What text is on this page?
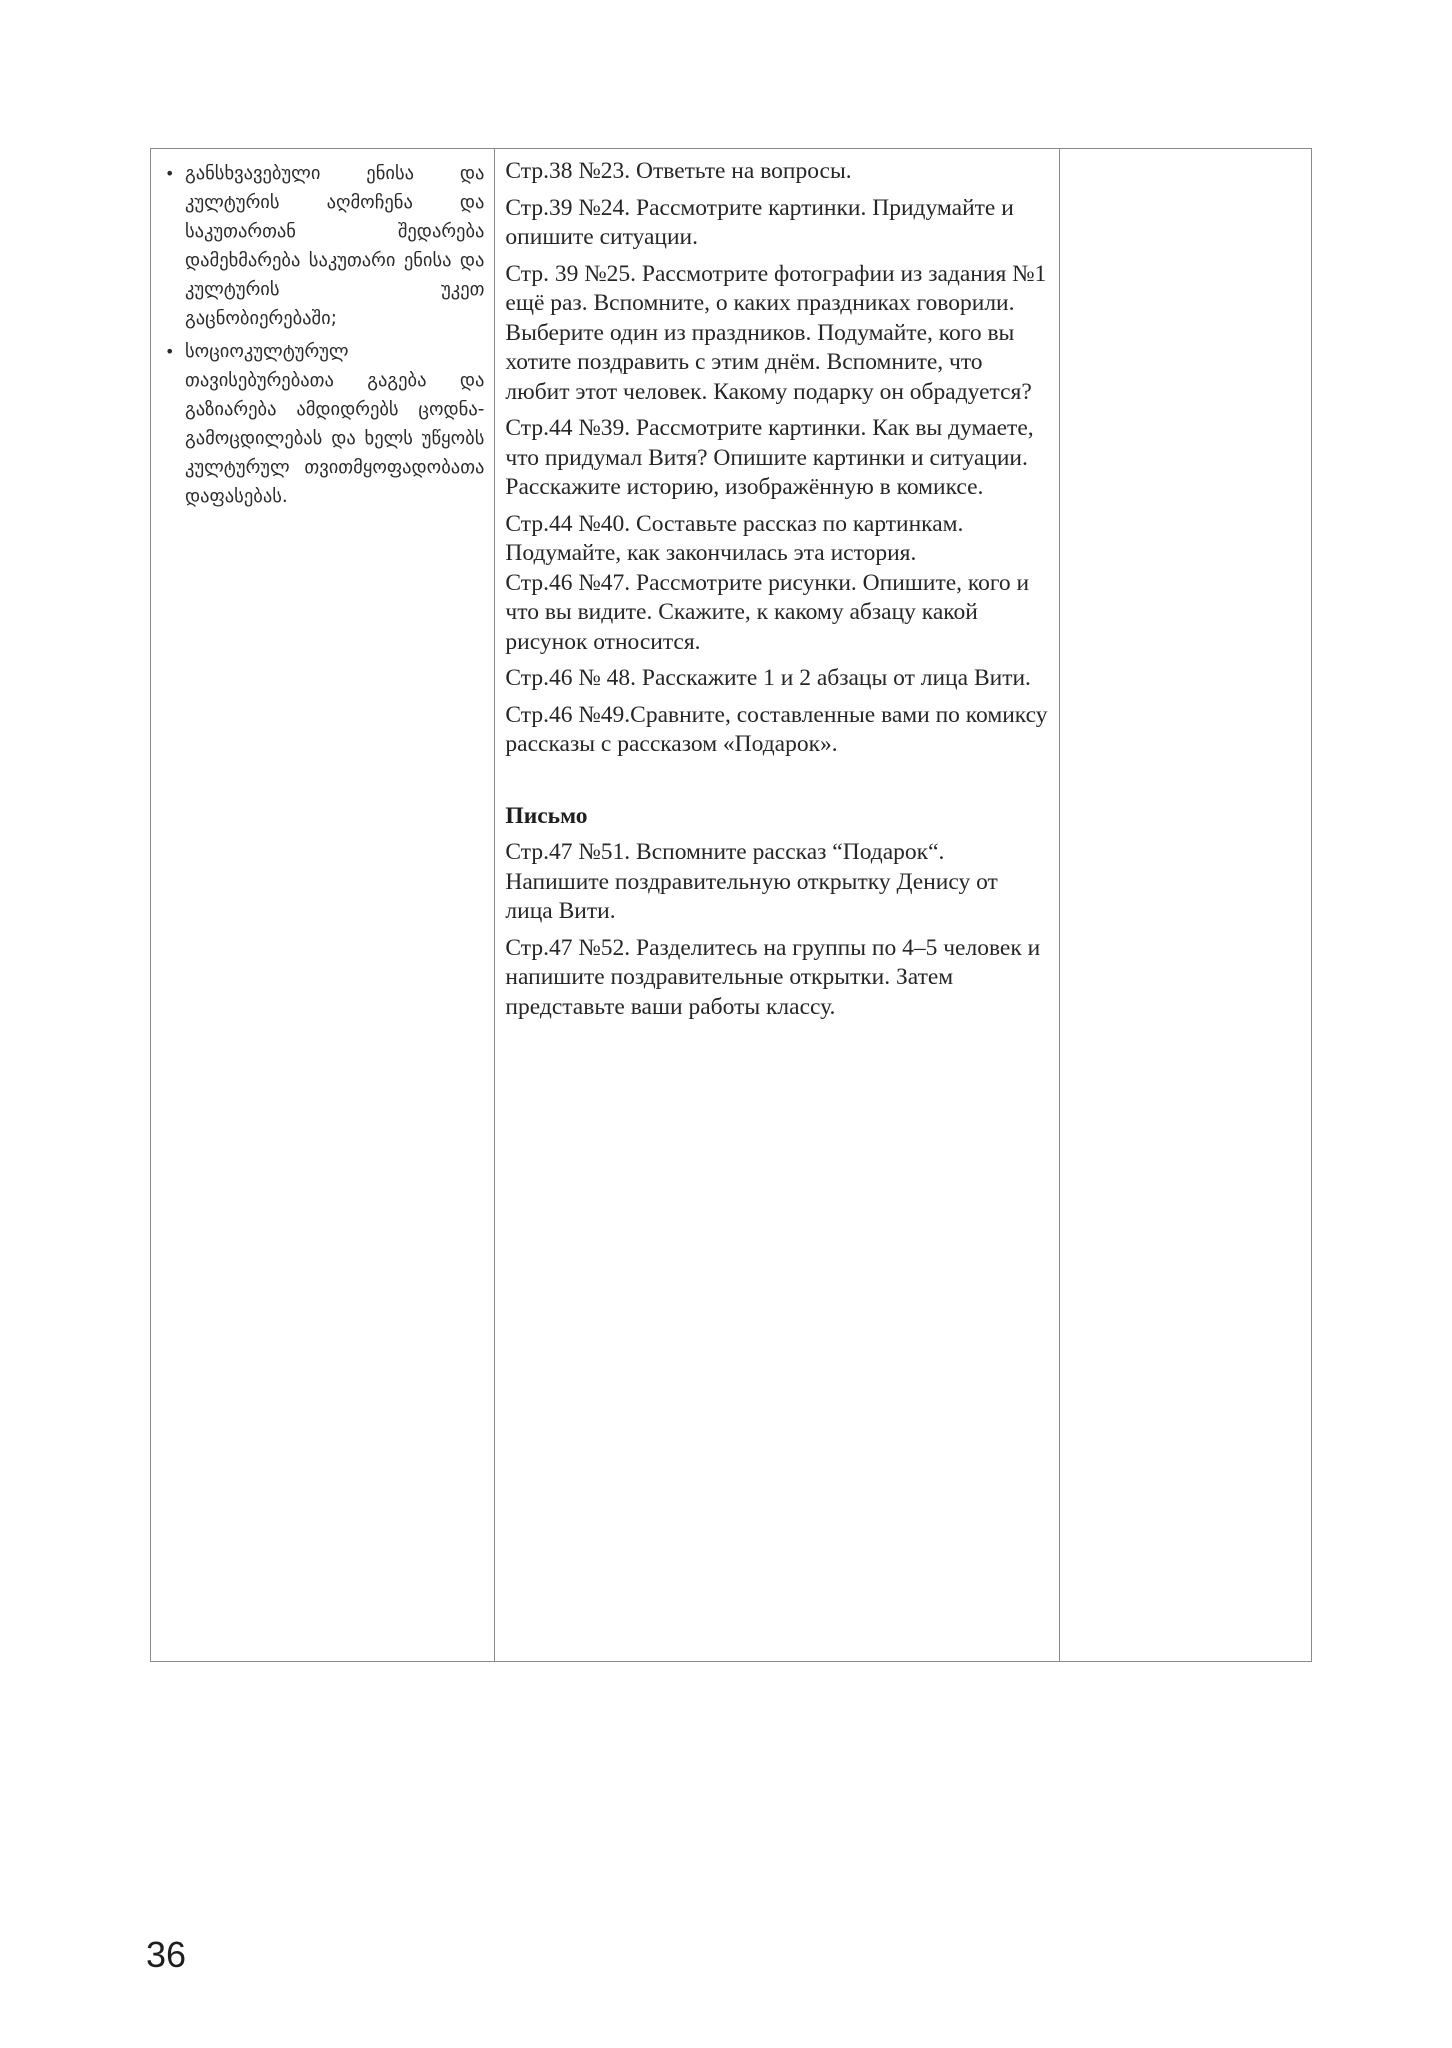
• განსხვავებული ენისა და კულტურის აღმოჩენა და საკუთართან შედარება დამეხმარება საკუთარი ენისა და კულტურის უკეთ გაცნობიერებაში;
• სოციოკულტურულ თავისებურებათა გაგება და გაზიარება ამდიდრებს ცოდნა-გამოცდილებას და ხელს უწყობს კულტურულ თვითმყოფადობათა დაფასებას.

Стр.38 №23. Ответьте на вопросы.

Стр.39 №24. Рассмотрите картинки. Придумайте и опишите ситуации.

Стр. 39 №25. Рассмотрите фотографии из задания №1 ещё раз. Вспомните, о каких праздниках говорили. Выберите один из праздников. Подумайте, кого вы хотите поздравить с этим днём. Вспомните, что любит этот человек. Какому подарку он обрадуется?

Стр.44 №39. Рассмотрите картинки. Как вы думаете, что придумал Витя? Опишите картинки и ситуации. Расскажите историю, изображённую в комиксе.

Стр.44 №40. Составьте рассказ по картинкам. Подумайте, как закончилась эта история.

Стр.46 №47. Рассмотрите рисунки. Опишите, кого и что вы видите. Скажите, к какому абзацу какой рисунок относится.

Стр.46 № 48. Расскажите 1 и 2 абзацы от лица Вити.

Стр.46 №49.Сравните, составленные вами по комиксу рассказы с рассказом «Подарок».

Письмо

Стр.47 №51. Вспомните рассказ “Подарок“. Напишите поздравительную открытку Денису от лица Вити.

Стр.47 №52. Разделитесь на группы по 4–5 человек и напишите поздравительные открытки. Затем представьте ваши работы классу.

36
